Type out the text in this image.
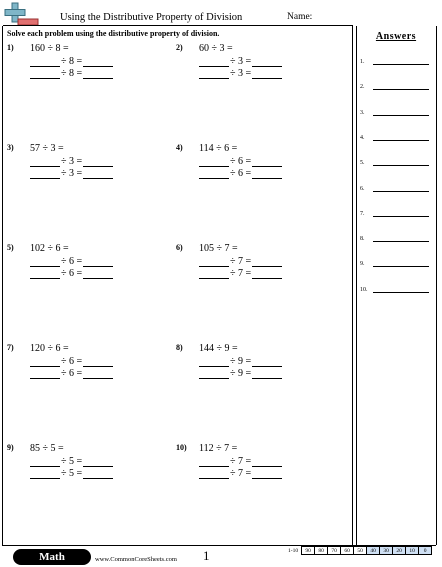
Using the Distributive Property of Division	Name:
Solve each problem using the distributive property of division.
1) 160 ÷ 8 =
÷ 8 =
÷ 8 =
2) 60 ÷ 3 =
÷ 3 =
÷ 3 =
3) 57 ÷ 3 =
÷ 3 =
÷ 3 =
4) 114 ÷ 6 =
÷ 6 =
÷ 6 =
5) 102 ÷ 6 =
÷ 6 =
÷ 6 =
6) 105 ÷ 7 =
÷ 7 =
÷ 7 =
7) 120 ÷ 6 =
÷ 6 =
÷ 6 =
8) 144 ÷ 9 =
÷ 9 =
÷ 9 =
9) 85 ÷ 5 =
÷ 5 =
÷ 5 =
10) 112 ÷ 7 =
÷ 7 =
÷ 7 =
Answers
1.
2.
3.
4.
5.
6.
7.
8.
9.
10.
Math	www.CommonCoreSheets.com 1	1-10	90	80	70	60	50	40	30	20	10	0
